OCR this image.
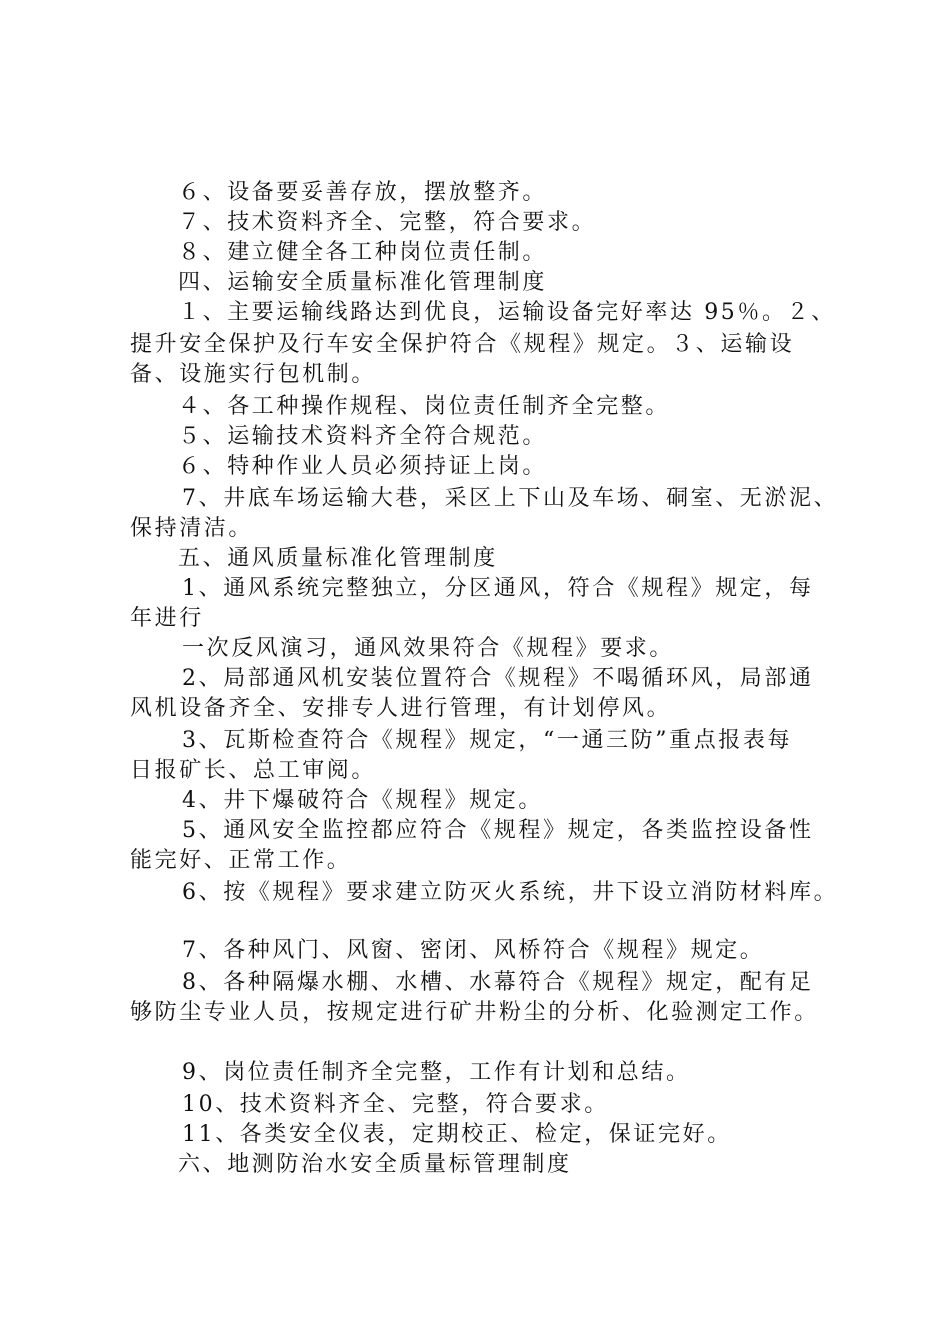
６、设备要妥善存放，摆放整齐。
７、技术资料齐全、完整，符合要求。
８、建立健全各工种岗位责任制。
四、运输安全质量标准化管理制度
１、主要运输线路达到优良，运输设备完好率达 95％。２、
提升安全保护及行车安全保护符合《规程》规定。３、运输设
备、设施实行包机制。
４、各工种操作规程、岗位责任制齐全完整。
５、运输技术资料齐全符合规范。
６、特种作业人员必须持证上岗。
7、井底车场运输大巷，采区上下山及车场、硐室、无淤泥、
保持清洁。
五、通风质量标准化管理制度
1、通风系统完整独立，分区通风，符合《规程》规定，每
年进行
一次反风演习，通风效果符合《规程》要求。
2、局部通风机安装位置符合《规程》不喝循环风，局部通
风机设备齐全、安排专人进行管理，有计划停风。
3、瓦斯检查符合《规程》规定，“一通三防”重点报表每
日报矿长、总工审阅。
4、井下爆破符合《规程》规定。
5、通风安全监控都应符合《规程》规定，各类监控设备性
能完好、正常工作。
6、按《规程》要求建立防灭火系统，井下设立消防材料库。
7、各种风门、风窗、密闭、风桥符合《规程》规定。
8、各种隔爆水棚、水槽、水幕符合《规程》规定，配有足
够防尘专业人员，按规定进行矿井粉尘的分析、化验测定工作。
9、岗位责任制齐全完整，工作有计划和总结。
10、技术资料齐全、完整，符合要求。
11、各类安全仪表，定期校正、检定，保证完好。
六、地测防治水安全质量标管理制度
